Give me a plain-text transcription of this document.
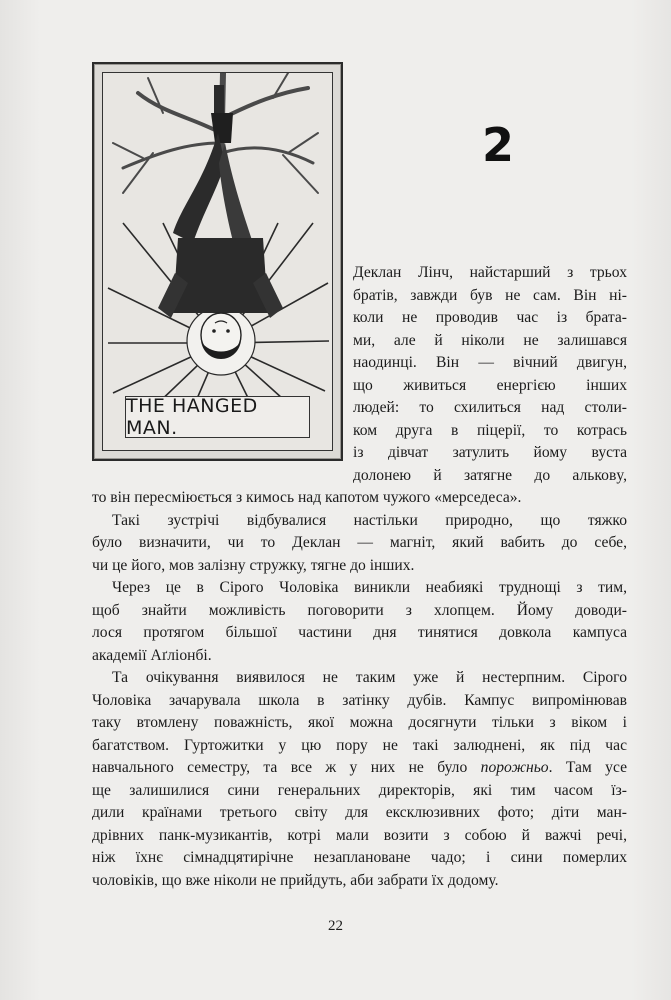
THE HANGED MAN.
2
Деклан Лінч, найстарший з трьох
братів, завжди був не сам. Він ні-
коли не проводив час із брата-
ми, але й ніколи не залишався
наодинці. Він — вічний двигун,
що живиться енергією інших
людей: то схилиться над столи-
ком друга в піцерії, то котрась
із дівчат затулить йому вуста
долонею й затягне до альковy,
то він пересміюється з кимось над капотом чужого «мерседеса».
Такі зустрічі відбувалися настільки природно, що тяжко
було визначити, чи то Деклан — магніт, який вабить до себе,
чи це його, мов залізну стружку, тягне до інших.
Через це в Сірого Чоловіка виникли неабиякі труднощі з тим,
щоб знайти можливість поговорити з хлопцем. Йому доводи-
лося протягом більшої частини дня тинятися довкола кампуса
академії Аґліонбі.
Та очікування виявилося не таким уже й нестерпним. Сірого
Чоловіка зачарувала школа в затінку дубів. Кампус випромінював
таку втомлену поважність, якої можна досягнути тільки з віком і
багатством. Гуртожитки у цю пору не такі залюднені, як під час
навчального семестру, та все ж у них не було порожньо. Там усе
ще залишилися сини генеральних директорів, які тим часом їз-
дили країнами третього світу для ексклюзивних фото; діти ман-
дрівних панк-музикантів, котрі мали возити з собою й важчі речі,
ніж їхнє сімнадцятирічне незаплановане чадо; і сини померлих
чоловіків, що вже ніколи не прийдуть, аби забрати їх додому.
22
